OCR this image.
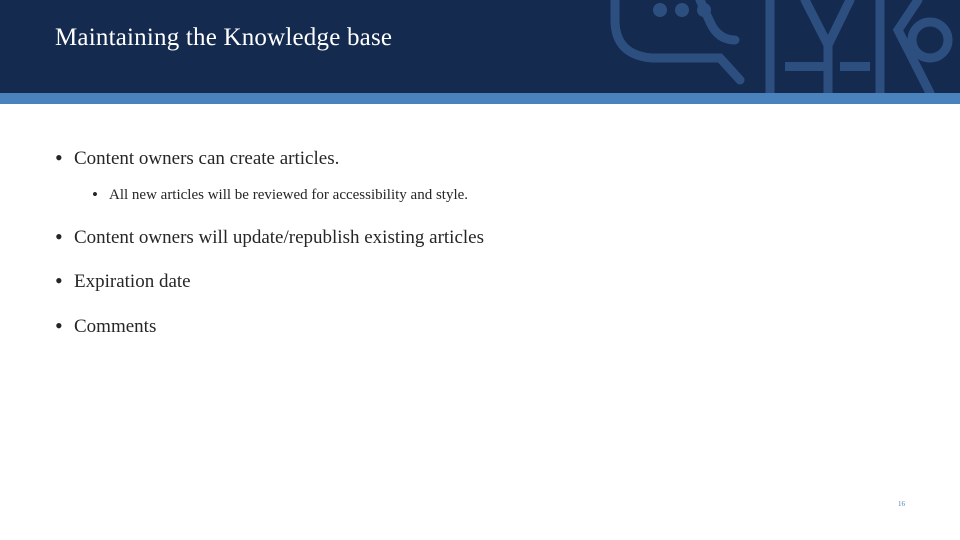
Maintaining the Knowledge base
• Content owners can create articles.
• All new articles will be reviewed for accessibility and style.
• Content owners will update/republish existing articles
• Expiration date
• Comments
16
